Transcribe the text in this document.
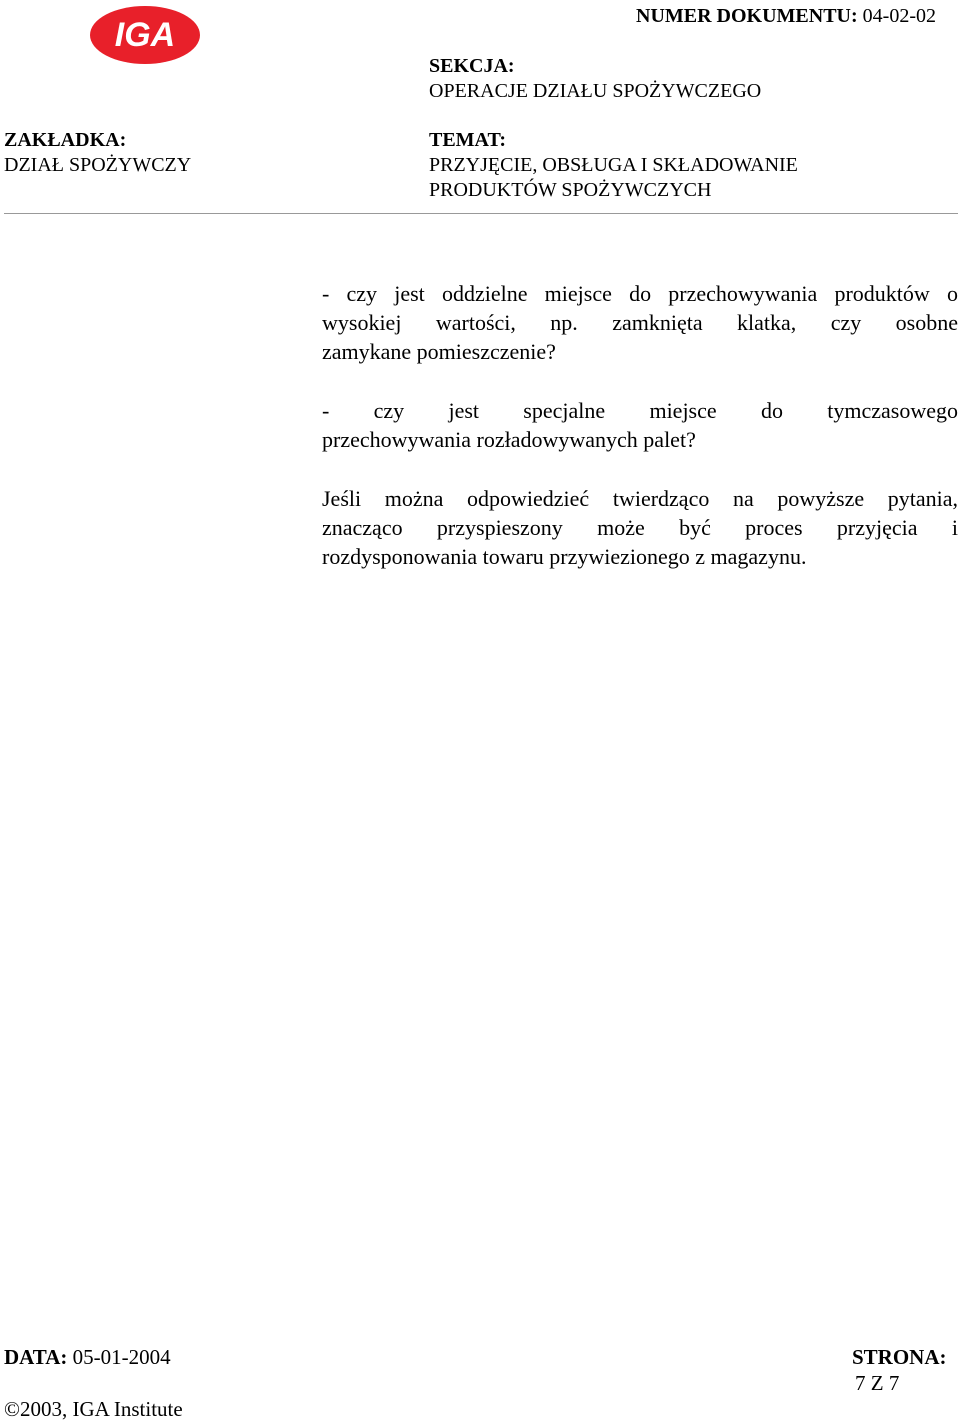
IGA	NUMER DOKUMENTU: 04-02-02
SEKCJA:
OPERACJE DZIAŁU SPOŻYWCZEGO
ZAKŁADKA:
DZIAŁ SPOŻYWCZY
TEMAT:
PRZYJĘCIE, OBSŁUGA I SKŁADOWANIE
PRODUKTÓW SPOŻYWCZYCH
- czy jest oddzielne miejsce do przechowywania produktów o
wysokiej wartości, np. zamknięta klatka, czy osobne
zamykane pomieszczenie?
- czy jest specjalne miejsce do tymczasowego
przechowywania rozładowywanych palet?
Jeśli można odpowiedzieć twierdząco na powyższe pytania,
znacząco przyspieszony może być proces przyjęcia i
rozdysponowania towaru przywiezionego z magazynu.
DATA: 05-01-2004	STRONA:
7 Z 7
©2003, IGA Institute
